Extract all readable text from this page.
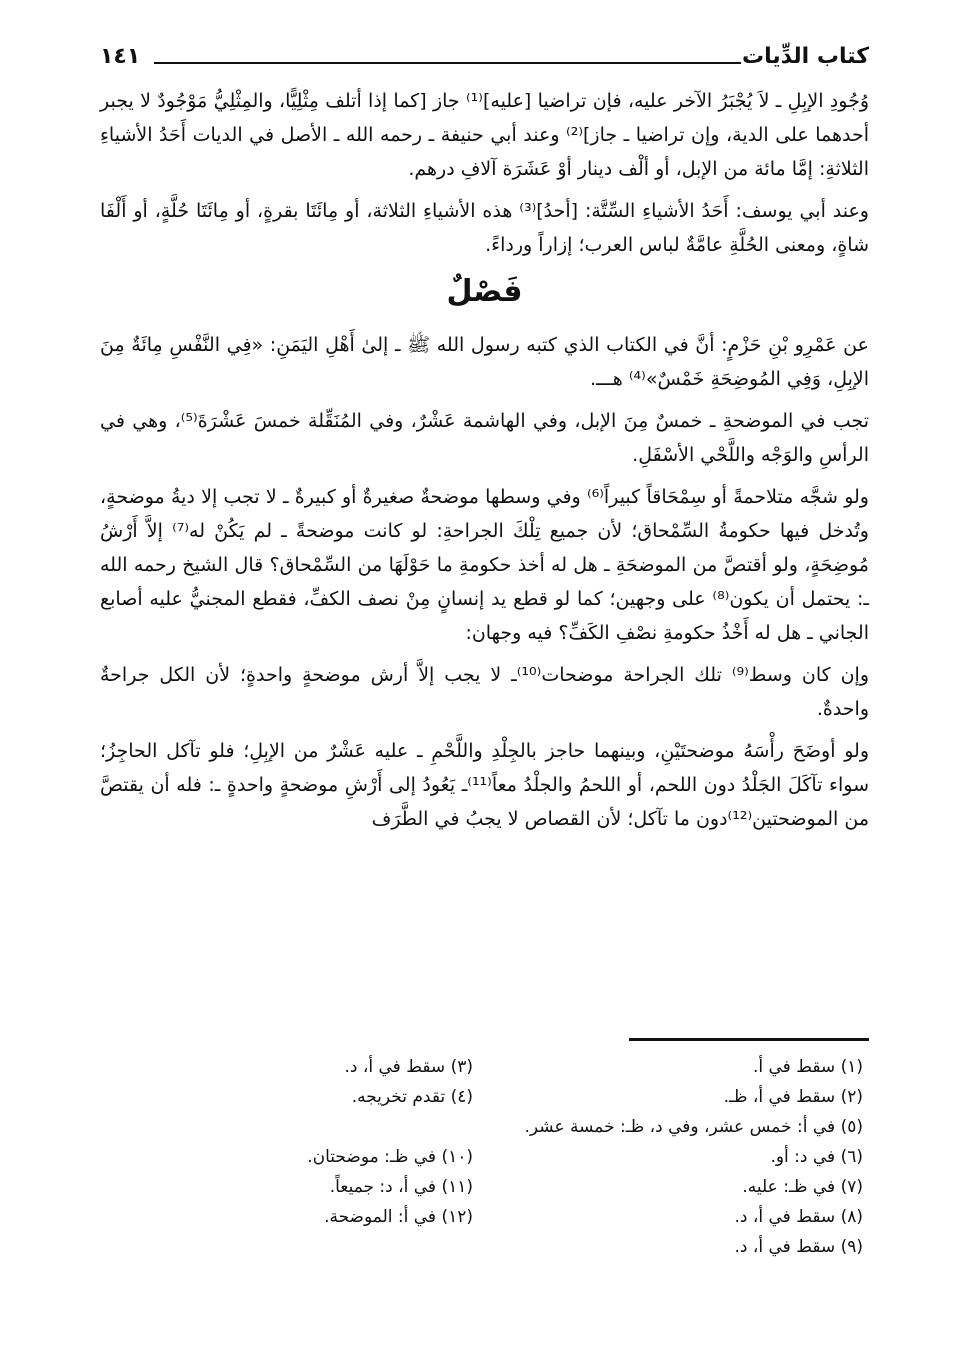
كتاب الدِّيات
١٤١

وُجُودِ الإبِلِ ـ لاَ يُجْبَرُ الآخر عليه، فإن تراضيا [عليه]⁽¹⁾ جاز [كما إذا أتلف مِثْلِيًّا، والمِثْلِيُّ مَوْجُودٌ لا يجبر أحدهما على الدية، وإن تراضيا ـ جاز]⁽²⁾ وعند أبي حنيفة ـ رحمه الله ـ الأصل في الديات أَحَدُ الأشياءِ الثلاثةِ: إمَّا مائة من الإبل، أو ألْف دينار أوْ عَشَرَة آلافِ درهم.

وعند أبي يوسف: أَحَدُ الأشياءِ السِّتَّة: [أحدُ]⁽³⁾ هذه الأشياءِ الثلاثة، أو مِائَتَا بقرةٍ، أو مِائَتَا حُلَّةٍ، أو أَلْفَا شاةٍ، ومعنى الحُلَّةِ عامَّةٌ لباس العرب؛ إزاراً ورداءً.

فَصْلٌ

عن عَمْرِو بْنِ حَزْمٍ: أنَّ في الكتاب الذي كتبه رسول الله ﷺ ـ إلىٰ أَهْلِ اليَمَنِ: «فِي النَّفْسِ مِائَةٌ مِنَ الإبِلِ، وَفِي المُوضِحَةِ خَمْسٌ»⁽⁴⁾ هـــ.

تجب في الموضحةِ ـ خمسٌ مِنَ الإبل، وفي الهاشمة عَشْرٌ، وفي المُنَقِّلة خمسَ عَشْرَةَ⁽⁵⁾، وهي في الرأسِ والوَجْه واللَّحْي الأسْفَلِ.

ولو شجَّه متلاحمةً أو سِمْحَاقاً كبيراً⁽⁶⁾ وفي وسطها موضحةٌ صغيرةٌ أو كبيرةٌ ـ لا تجب إلا ديةُ موضحةٍ، وتُدخل فيها حكومةُ السِّمْحاق؛ لأن جميع تِلْكَ الجراحةِ: لو كانت موضحةً ـ لم يَكُنْ له⁽⁷⁾ إلاَّ أَرْشُ مُوضِحَةٍ، ولو أقتصَّ من الموضحَةِ ـ هل له أخذ حكومةِ ما حَوْلَهَا من السِّمْحاق؟ قال الشيخ رحمه الله ـ: يحتمل أن يكون⁽⁸⁾ على وجهين؛ كما لو قطع يد إنسانٍ مِنْ نصف الكفِّ، فقطع المجنيُّ عليه أصابع الجاني ـ هل له أَخْذُ حكومةِ نصْفِ الكَفِّ؟ فيه وجهان:

وإن كان وسط⁽⁹⁾ تلك الجراحة موضحات⁽¹⁰⁾ـ لا يجب إلاَّ أرش موضحةٍ واحدةٍ؛ لأن الكل جراحةٌ واحدةٌ.

ولو أوضَحَ رأْسَهُ موضحتَيْنِ، وبينهما حاجز بالجِلْدِ واللَّحْمِ ـ عليه عَشْرٌ من الإبِلِ؛ فلو تآكل الحاجِزُ؛ سواء تآكَلَ الجَلْدُ دون اللحم، أو اللحمُ والجلْدُ معاً⁽¹¹⁾ـ يَعُودُ إلى أَرْشِ موضحةٍ واحدةٍ ـ: فله أن يقتصَّ من الموضحتين⁽¹²⁾دون ما تآكل؛ لأن القصاص لا يجبُ في الطَّرَف

(١) سقط في أ.
(٣) سقط في أ، د.
(٢) سقط في أ، ظـ.
(٤) تقدم تخريجه.
(٥) في أ: خمس عشر، وفي د، ظـ: خمسة عشر.
(٦) في د: أو.
(١٠) في ظـ: موضحتان.
(٧) في ظـ: عليه.
(١١) في أ، د: جميعاً.
(٨) سقط في أ، د.
(١٢) في أ: الموضحة.
(٩) سقط في أ، د.
